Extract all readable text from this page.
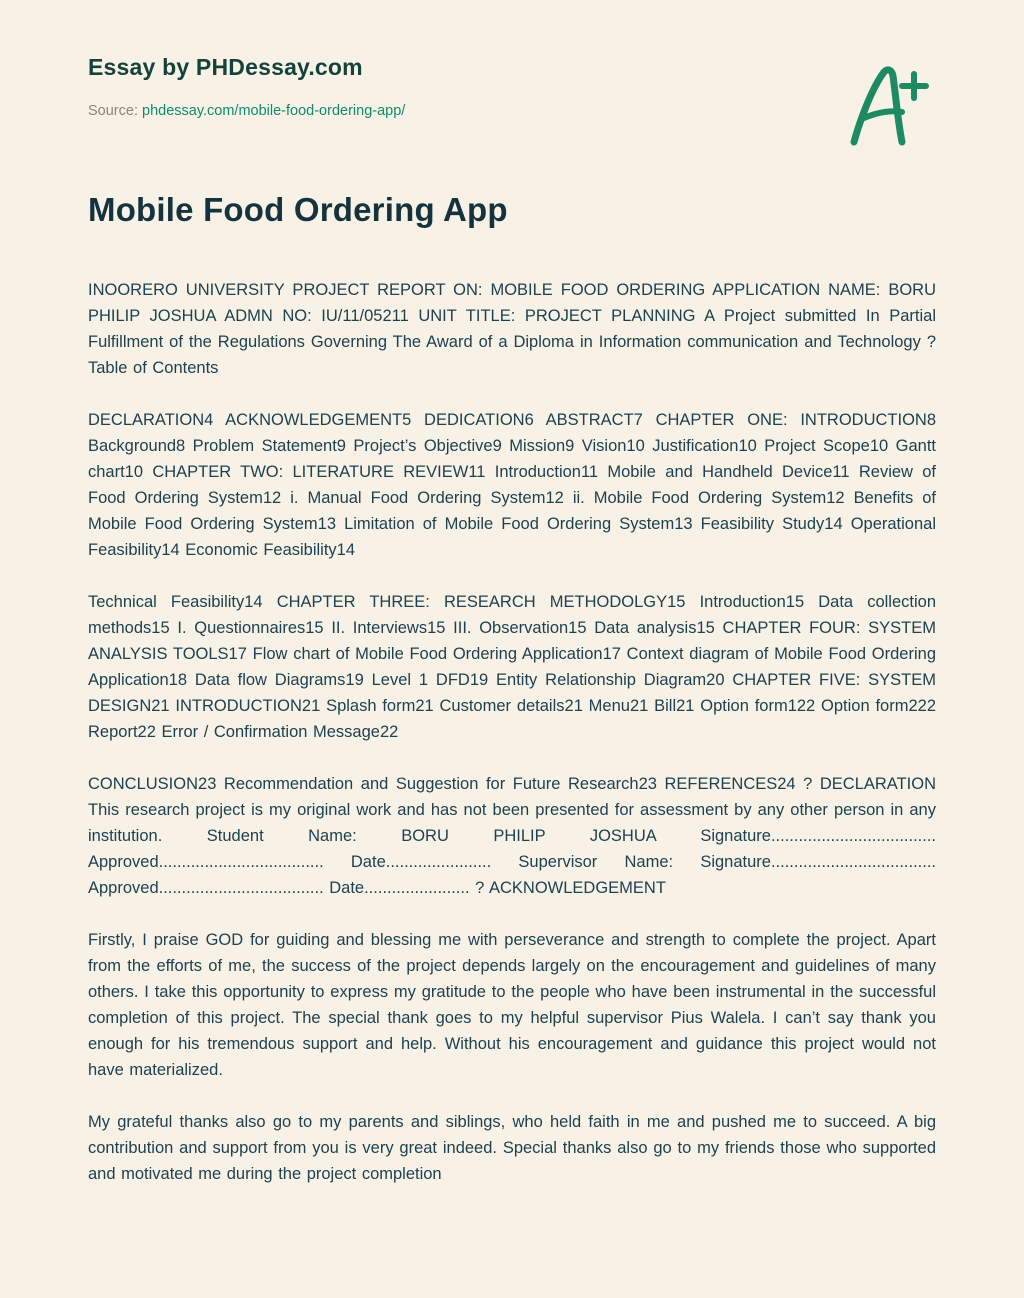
Essay by PHDessay.com
Source: phdessay.com/mobile-food-ordering-app/
Mobile Food Ordering App

INOORERO UNIVERSITY PROJECT REPORT ON: MOBILE FOOD ORDERING APPLICATION NAME: BORU PHILIP JOSHUA ADMN NO: IU/11/05211 UNIT TITLE: PROJECT PLANNING A Project submitted In Partial Fulfillment of the Regulations Governing The Award of a Diploma in Information communication and Technology ? Table of Contents

DECLARATION4 ACKNOWLEDGEMENT5 DEDICATION6 ABSTRACT7 CHAPTER ONE: INTRODUCTION8 Background8 Problem Statement9 Project’s Objective9 Mission9 Vision10 Justification10 Project Scope10 Gantt chart10 CHAPTER TWO: LITERATURE REVIEW11 Introduction11 Mobile and Handheld Device11 Review of Food Ordering System12 i. Manual Food Ordering System12 ii. Mobile Food Ordering System12 Benefits of Mobile Food Ordering System13 Limitation of Mobile Food Ordering System13 Feasibility Study14 Operational Feasibility14 Economic Feasibility14

Technical Feasibility14 CHAPTER THREE: RESEARCH METHODOLGY15 Introduction15 Data collection methods15 I. Questionnaires15 II. Interviews15 III. Observation15 Data analysis15 CHAPTER FOUR: SYSTEM ANALYSIS TOOLS17 Flow chart of Mobile Food Ordering Application17 Context diagram of Mobile Food Ordering Application18 Data flow Diagrams19 Level 1 DFD19 Entity Relationship Diagram20 CHAPTER FIVE: SYSTEM DESIGN21 INTRODUCTION21 Splash form21 Customer details21 Menu21 Bill21 Option form122 Option form222 Report22 Error / Confirmation Message22

CONCLUSION23 Recommendation and Suggestion for Future Research23 REFERENCES24 ? DECLARATION This research project is my original work and has not been presented for assessment by any other person in any institution. Student Name: BORU PHILIP JOSHUA Signature.................................... Approved.................................... Date....................... Supervisor Name: Signature.................................... Approved.................................... Date....................... ? ACKNOWLEDGEMENT

Firstly, I praise GOD for guiding and blessing me with perseverance and strength to complete the project. Apart from the efforts of me, the success of the project depends largely on the encouragement and guidelines of many others. I take this opportunity to express my gratitude to the people who have been instrumental in the successful completion of this project. The special thank goes to my helpful supervisor Pius Walela. I can’t say thank you enough for his tremendous support and help. Without his encouragement and guidance this project would not have materialized.

My grateful thanks also go to my parents and siblings, who held faith in me and pushed me to succeed. A big contribution and support from you is very great indeed. Special thanks also go to my friends those who supported and motivated me during the project completion
